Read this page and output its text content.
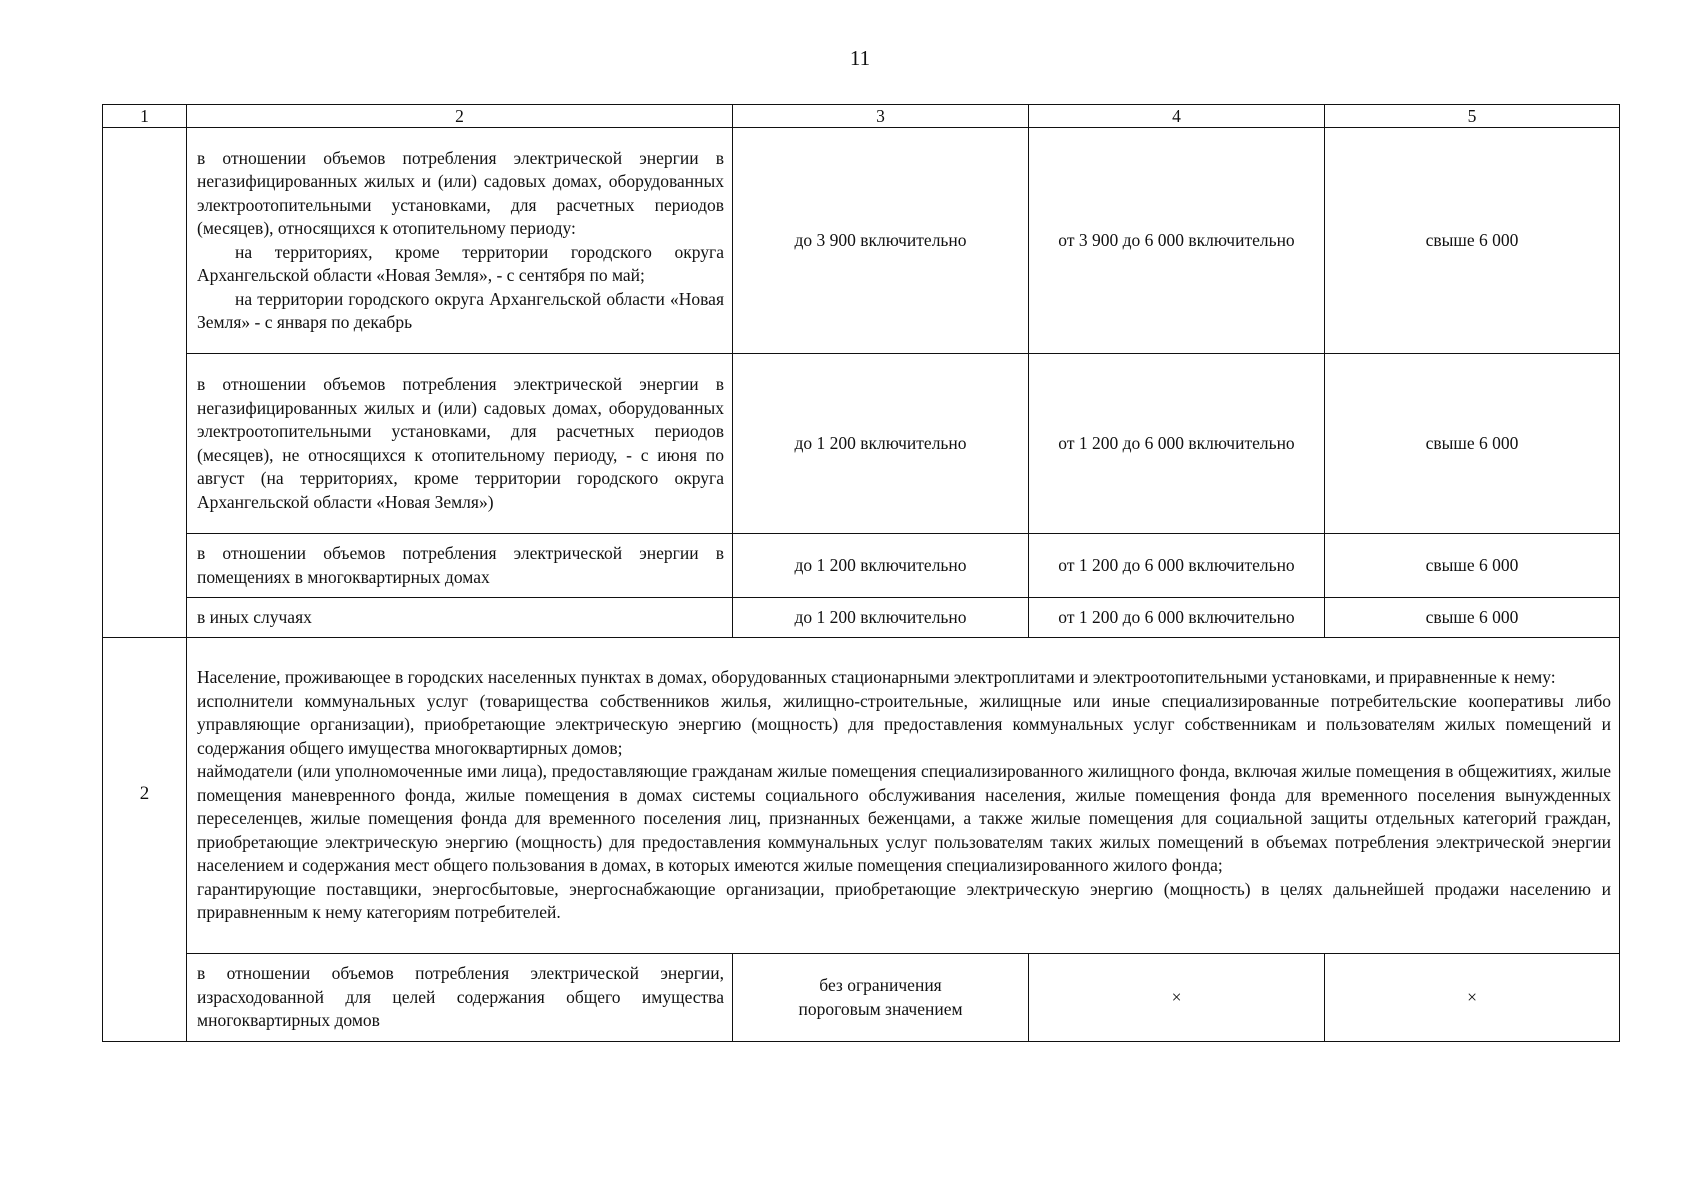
11
1	2	3	4	5

	в отношении объемов потребления электрической энергии в негазифицированных жилых и (или) садовых домах, оборудованных электроотопительными установками, для расчетных периодов (месяцев), относящихся к отопительному периоду:

на территориях, кроме территории городского округа Архангельской области «Новая Земля», - с сентября по май;

на территории городского округа Архангельской области «Новая Земля» - с января по декабрь	до 3 900 включительно	от 3 900 до 6 000 включительно	свыше 6 000
	в отношении объемов потребления электрической энергии в негазифицированных жилых и (или) садовых домах, оборудованных электроотопительными установками, для расчетных периодов (месяцев), не относящихся к отопительному периоду, - с июня по август (на территориях, кроме территории городского округа Архангельской области «Новая Земля»)	до 1 200 включительно	от 1 200 до 6 000 включительно	свыше 6 000
	в отношении объемов потребления электрической энергии в помещениях в многоквартирных домах	до 1 200 включительно	от 1 200 до 6 000 включительно	свыше 6 000
	в иных случаях	до 1 200 включительно	от 1 200 до 6 000 включительно	свыше 6 000
2	Население, проживающее в городских населенных пунктах в домах, оборудованных стационарными электроплитами и электроотопительными установками, и приравненные к нему:

исполнители коммунальных услуг (товарищества собственников жилья, жилищно-строительные, жилищные или иные специализированные потребительские кооперативы либо управляющие организации), приобретающие электрическую энергию (мощность) для предоставления коммунальных услуг собственникам и пользователям жилых помещений и содержания общего имущества многоквартирных домов;

наймодатели (или уполномоченные ими лица), предоставляющие гражданам жилые помещения специализированного жилищного фонда, включая жилые помещения в общежитиях, жилые помещения маневренного фонда, жилые помещения в домах системы социального обслуживания населения, жилые помещения фонда для временного поселения вынужденных переселенцев, жилые помещения фонда для временного поселения лиц, признанных беженцами, а также жилые помещения для социальной защиты отдельных категорий граждан, приобретающие электрическую энергию (мощность) для предоставления коммунальных услуг пользователям таких жилых помещений в объемах потребления электрической энергии населением и содержания мест общего пользования в домах, в которых имеются жилые помещения специализированного жилого фонда;

гарантирующие поставщики, энергосбытовые, энергоснабжающие организации, приобретающие электрическую энергию (мощность) в целях дальнейшей продажи населению и приравненным к нему категориям потребителей.			

	в отношении объемов потребления электрической энергии, израсходованной для целей содержания общего имущества многоквартирных домов	без ограничения пороговым значением	×	×
